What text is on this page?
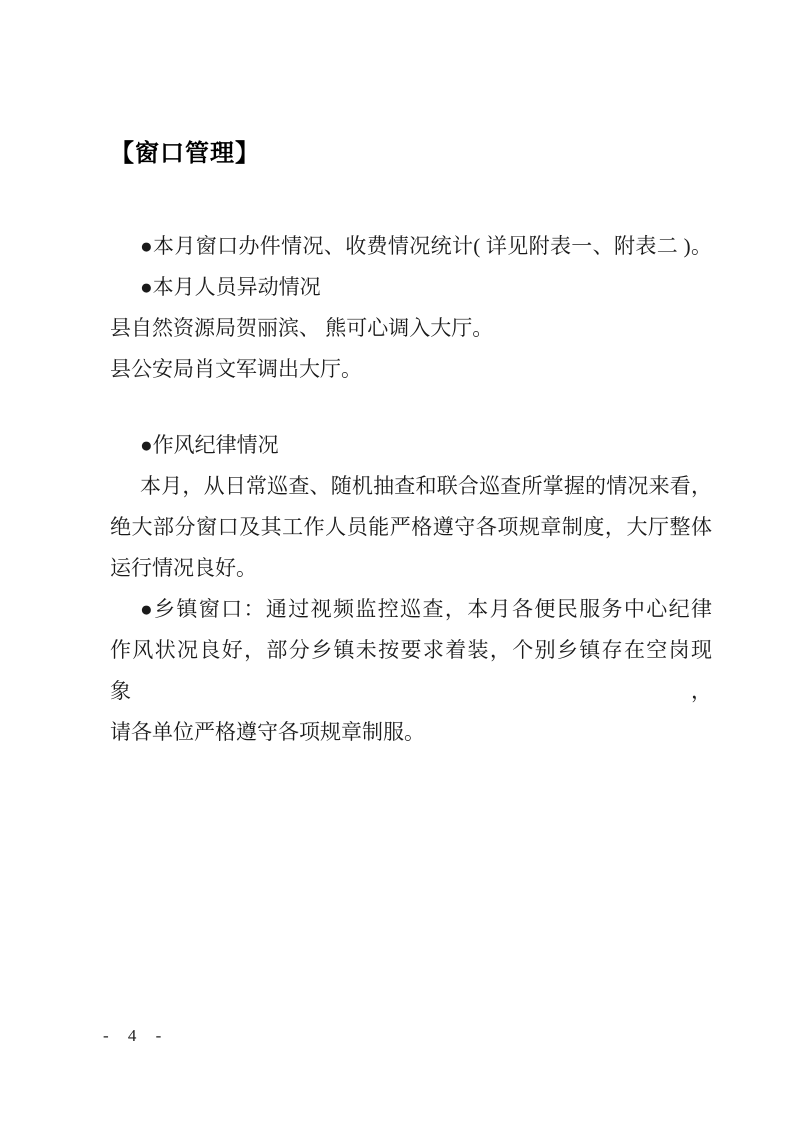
【窗口管理】
●本月窗口办件情况、收费情况统计( 详见附表一、附表二 )。
●本月人员异动情况
县自然资源局贺丽滨、 熊可心调入大厅。
县公安局肖文军调出大厅。
●作风纪律情况
本月，从日常巡查、随机抽查和联合巡查所掌握的情况来看，
绝大部分窗口及其工作人员能严格遵守各项规章制度，大厅整体
运行情况良好。
●乡镇窗口：通过视频监控巡查，本月各便民服务中心纪律
作风状况良好，部分乡镇未按要求着装，个别乡镇存在空岗现象，
请各单位严格遵守各项规章制服。
- 4 -
